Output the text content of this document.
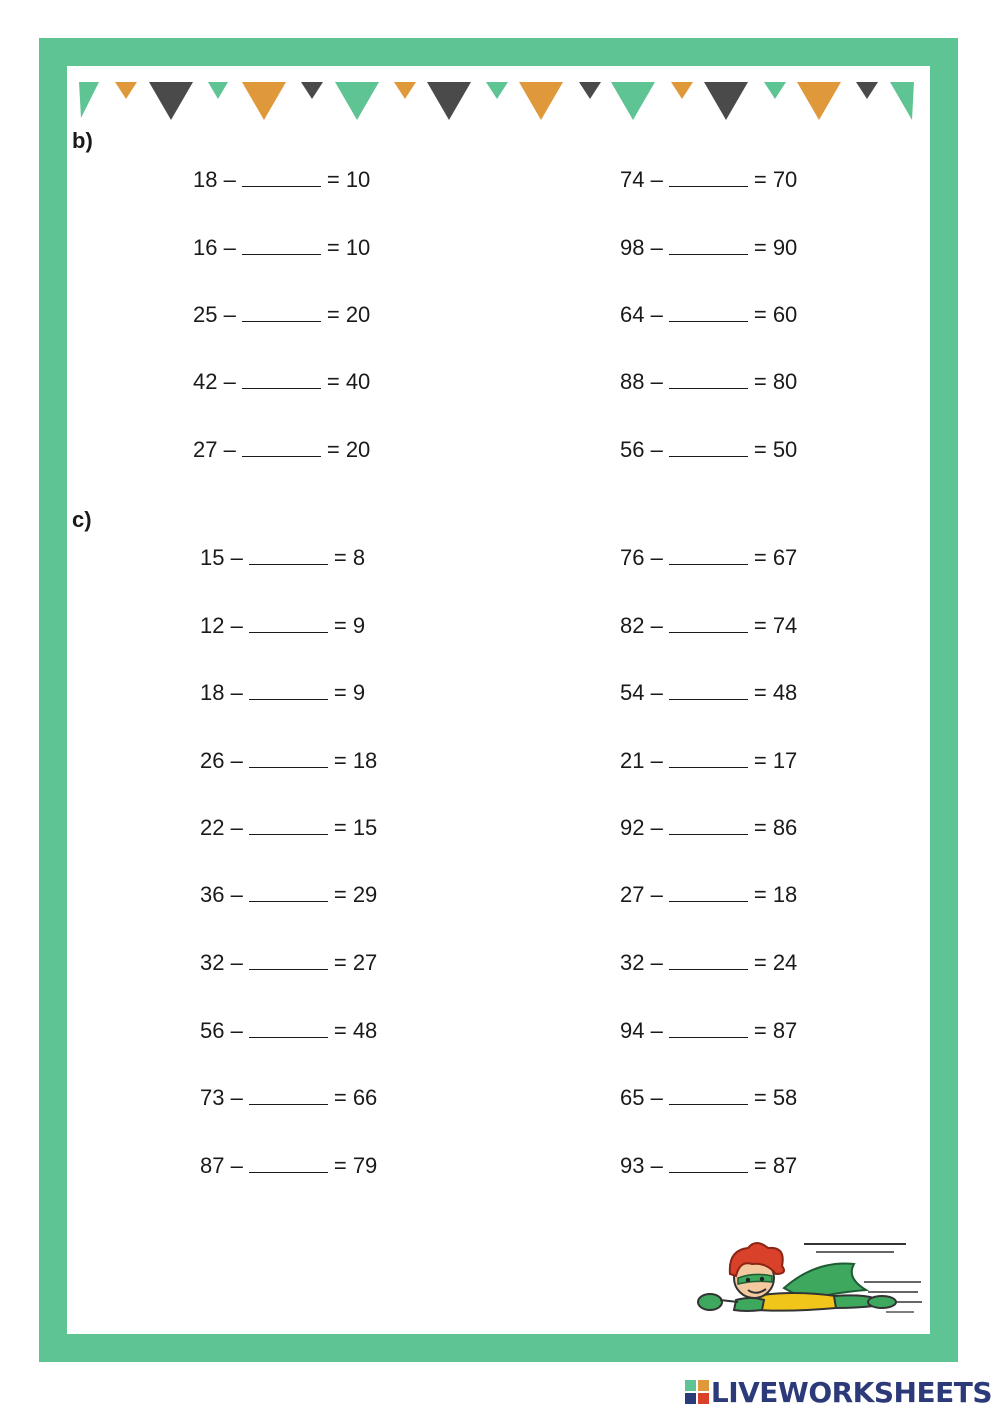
b)
c)
18 –	= 10
16 –	= 10
25 –	= 20
42 –	= 40
27 –	= 20
74 –	= 70
98 –	= 90
64 –	= 60
88 –	= 80
56 –	= 50
15 –	= 8
12 –	= 9
18 –	= 9
26 –	= 18
22 –	= 15
36 –	= 29
32 –	= 27
56 –	= 48
73 –	= 66
87 –	= 79
76 –	= 67
82 –	= 74
54 –	= 48
21 –	= 17
92 –	= 86
27 –	= 18
32 –	= 24
94 –	= 87
65 –	= 58
93 –	= 87
LIVEWORKSHEETS
